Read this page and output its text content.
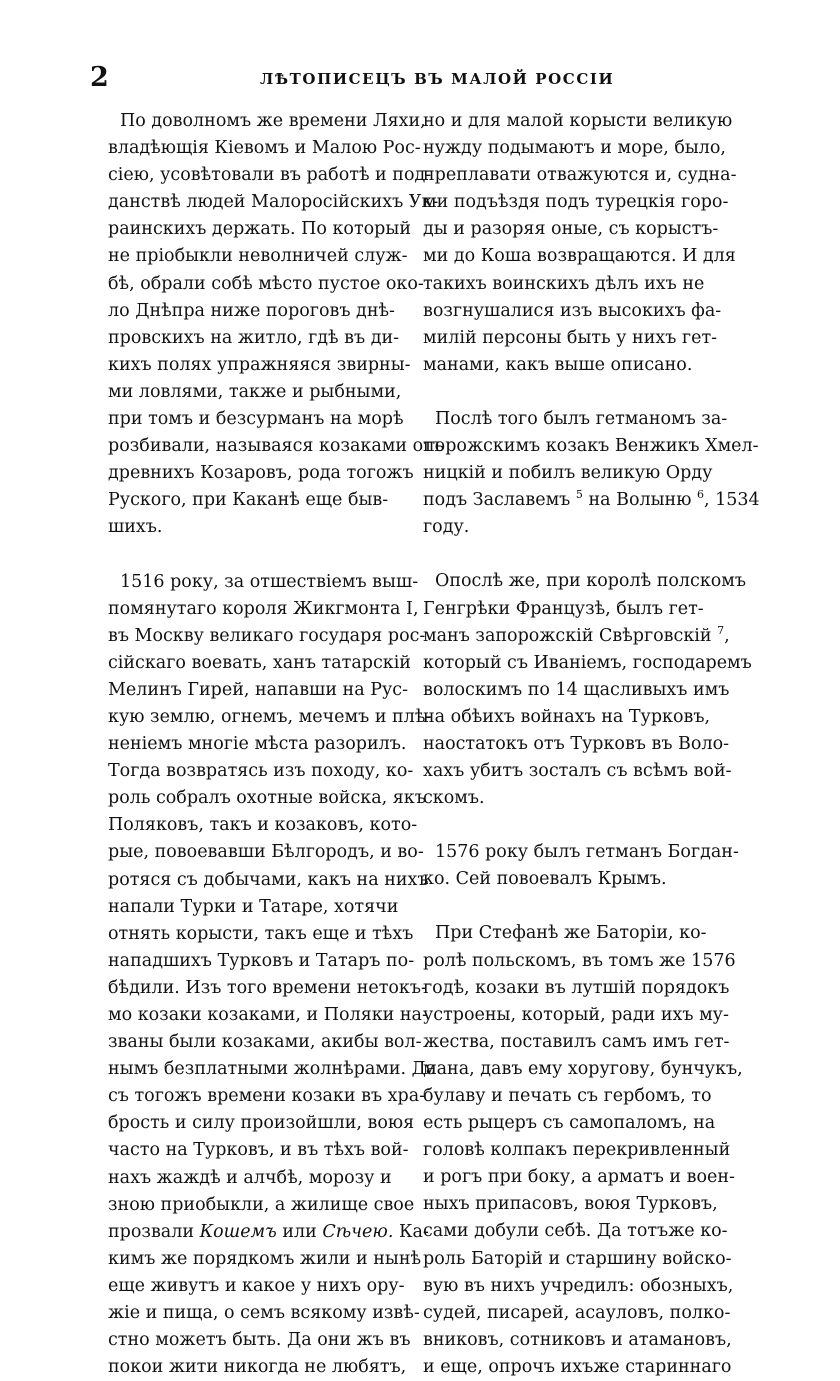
2	ЛѢТОПИСЕЦЪ ВЪ МАЛОЙ РОССІИ
По доволномъ же времени Ляхи,
владѣющія Кіевомъ и Малою Рос-
сіею, усовѣтовали въ работѣ и под-
данствѣ людей Малоросійскихъ Ук-
раинскихъ держать. По который
не пріобыкли неволничей служ-
бѣ, обрали собѣ мѣсто пустое око-
ло Днѣпра ниже пороговъ днѣ-
провскихъ на житло, гдѣ въ ди-
кихъ полях упражняяся звирны-
ми ловлями, также и рыбными,
при томъ и безсурманъ на морѣ
розбивали, называяся козаками отъ
древнихъ Козаровъ, рода тогожъ
Руского, при Каканѣ еще быв-
шихъ.
1516 року, за отшествіемъ выш-
помянутаго короля Жикгмонта I,
въ Москву великаго государя рос-
сійскаго воевать, ханъ татарскій
Мелинъ Гирей, напавши на Рус-
кую землю, огнемъ, мечемъ и плѣ-
неніемъ многіе мѣста разорилъ.
Тогда возвратясь изъ походу, ко-
роль собралъ охотные войска, якъ
Поляковъ, такъ и козаковъ, кото-
рые, повоевавши Бѣлгородъ, и во-
ротяся съ добычами, какъ на нихъ
напали Турки и Татаре, хотячи
отнять корысти, такъ еще и тѣхъ
нападшихъ Турковъ и Татаръ по-
бѣдили. Изъ того времени нетокъ-
мо козаки козаками, и Поляки на-
званы были козаками, акибы вол-
нымъ безплатными жолнѣрами. Да
съ тогожъ времени козаки въ хра-
брость и силу произойшли, воюя
часто на Турковъ, и въ тѣхъ вой-
нахъ жаждѣ и алчбѣ, морозу и
зною приобыкли, а жилище свое
прозвали Кошемъ или Сѣчею. Ка-
кимъ же порядкомъ жили и нынѣ
еще живутъ и какое у нихъ ору-
жіе и пища, о семъ всякому извѣ-
стно можетъ быть. Да они жъ въ
покои жити никогда не любятъ,
но и для малой корысти великую
нужду подымаютъ и море, было,
преплавати отважуются и, судна-
ми подъѣздя подъ турецкія горо-
ды и разоряя оные, съ корыстъ-
ми до Коша возвращаются. И для
такихъ воинскихъ дѣлъ ихъ не
возгнушалися изъ высокихъ фа-
милій персоны быть у нихъ гет-
манами, какъ выше описано.
Послѣ того былъ гетманомъ за-
порожскимъ козакъ Венжикъ Хмел-
ницкій и побилъ великую Орду
подъ Заславемъ $^5$ на Волыню $^6$, 1534
году.
Опослѣ же, при королѣ полскомъ
Генгрѣки Французѣ, былъ гет-
манъ запорожскій Свѣрговскій $^7$,
который съ Иваніемъ, господаремъ
волоскимъ по 14 щасливыхъ имъ
на обѣихъ войнахъ на Турковъ,
наостатокъ отъ Турковъ въ Воло-
хахъ убитъ зосталъ съ всѣмъ вой-
скомъ.
1576 року былъ гетманъ Богдан-
ко. Сей повоевалъ Крымъ.
При Стефанѣ же Баторіи, ко-
ролѣ польскомъ, въ томъ же 1576
годѣ, козаки въ лутшій порядокъ
устроены, который, ради ихъ му-
жества, поставилъ самъ имъ гет-
мана, давъ ему хоругову, бунчукъ,
булаву и печать съ гербомъ, то
есть рыцеръ съ самопаломъ, на
головѣ колпакъ перекривленный
и рогъ при боку, а арматъ и воен-
ныхъ припасовъ, воюя Турковъ,
сами добули себѣ. Да тотъже ко-
роль Баторій и старшину войско-
вую въ нихъ учредилъ: обозныхъ,
судей, писарей, асауловъ, полко-
вниковъ, сотниковъ и атамановъ,
и еще, опрочъ ихъже стариннаго
